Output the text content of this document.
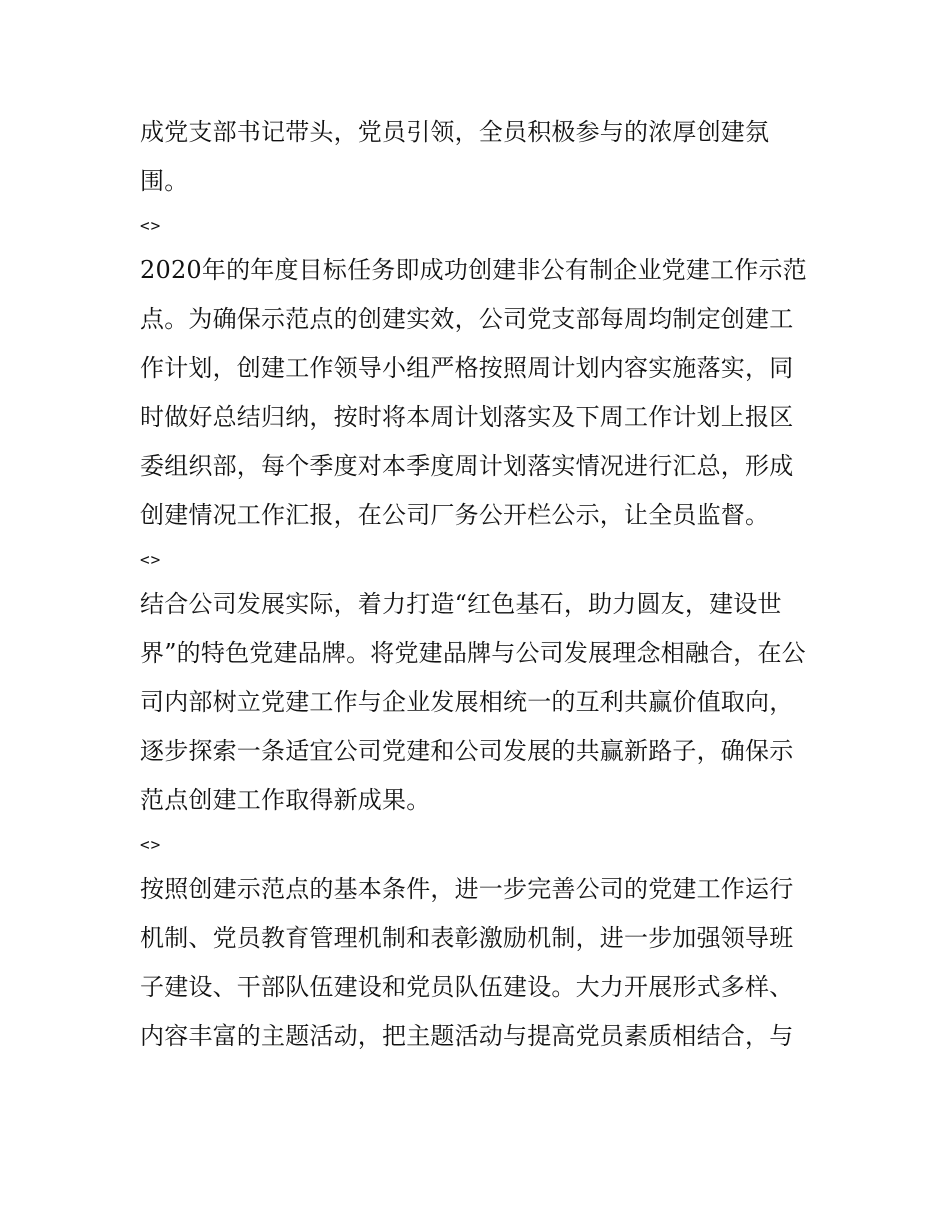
成党支部书记带头，党员引领，全员积极参与的浓厚创建氛围。

<>

2020年的年度目标任务即成功创建非公有制企业党建工作示范点。为确保示范点的创建实效，公司党支部每周均制定创建工作计划，创建工作领导小组严格按照周计划内容实施落实，同时做好总结归纳，按时将本周计划落实及下周工作计划上报区委组织部，每个季度对本季度周计划落实情况进行汇总，形成创建情况工作汇报，在公司厂务公开栏公示，让全员监督。

<>

结合公司发展实际，着力打造“红色基石，助力圆友，建设世界”的特色党建品牌。将党建品牌与公司发展理念相融合，在公司内部树立党建工作与企业发展相统一的互利共赢价值取向，逐步探索一条适宜公司党建和公司发展的共赢新路子，确保示范点创建工作取得新成果。

<>

按照创建示范点的基本条件，进一步完善公司的党建工作运行机制、党员教育管理机制和表彰激励机制，进一步加强领导班子建设、干部队伍建设和党员队伍建设。大力开展形式多样、内容丰富的主题活动，把主题活动与提高党员素质相结合，与
